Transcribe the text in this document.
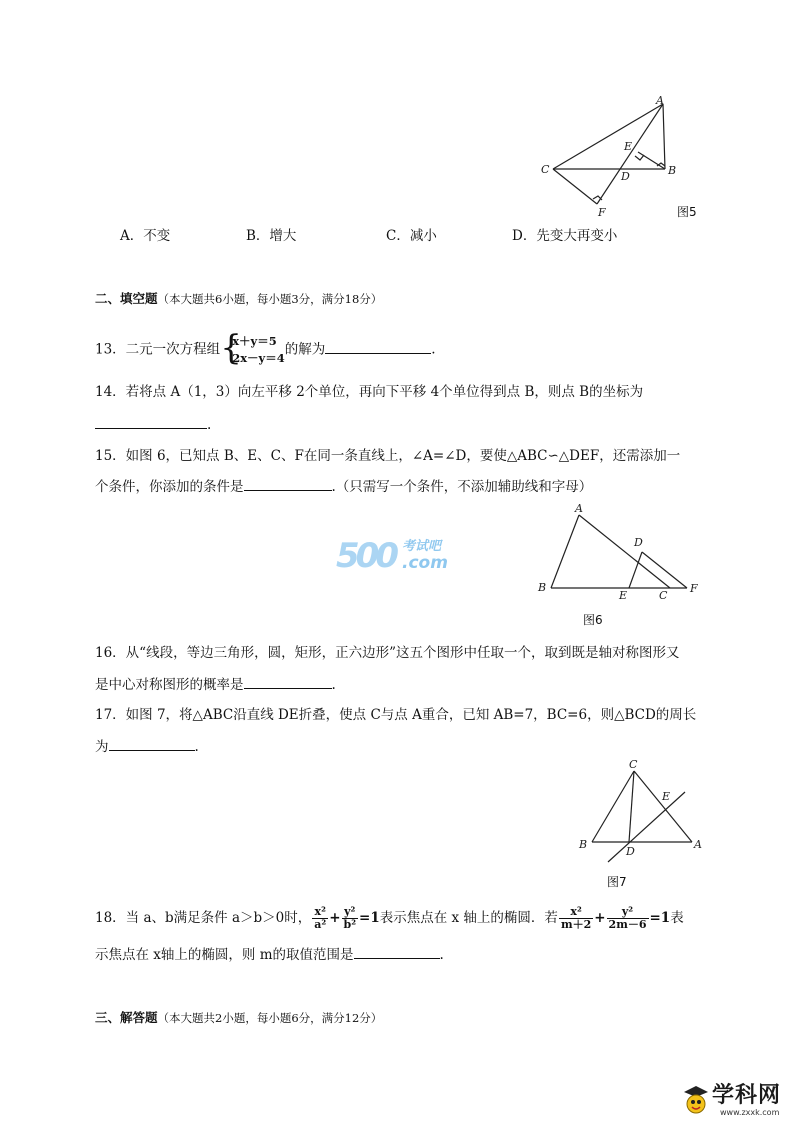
A
B
C
D
E
F	图5
A．不变	B．增大	C．减小	D．先变大再变小
二、填空题（本大题共6小题，每小题3分，满分18分）
13．二元一次方程组 {
x＋y＝5
2x－y＝4
的解为	.
14．若将点 A（1，3）向左平移 2个单位，再向下平移 4个单位得到点 B，则点 B的坐标为
.
15．如图 6，已知点 B、E、C、F在同一条直线上，∠A=∠D，要使△ABC∽△DEF，还需添加一
个条件，你添加的条件是	.（只需写一个条件，不添加辅助线和字母）
500 考试吧
.com
A
B
C
D
E
F
图6
16．从“线段，等边三角形，圆，矩形，正六边形”这五个图形中任取一个，取到既是轴对称图形又
是中心对称图形的概率是	.
17．如图 7，将△ABC沿直线 DE折叠，使点 C与点 A重合，已知 AB=7，BC=6，则△BCD的周长
为	.
C
B	A
D
E
图7
18．当 a、b满足条件 a＞b＞0时， $\frac{\text{x²}}{\text{a²}} + \frac{\text{y²}}{\text{b²}} =1$表示焦点在 x 轴上的椭圆．若 $\frac{\text{x²}}{m+2} + \frac{\text{y²}}{2m-6} =1$表
示焦点在 x轴上的椭圆，则 m的取值范围是	.
三、解答题（本大题共2小题，每小题6分，满分12分）
学科网
www.zxxk.com
